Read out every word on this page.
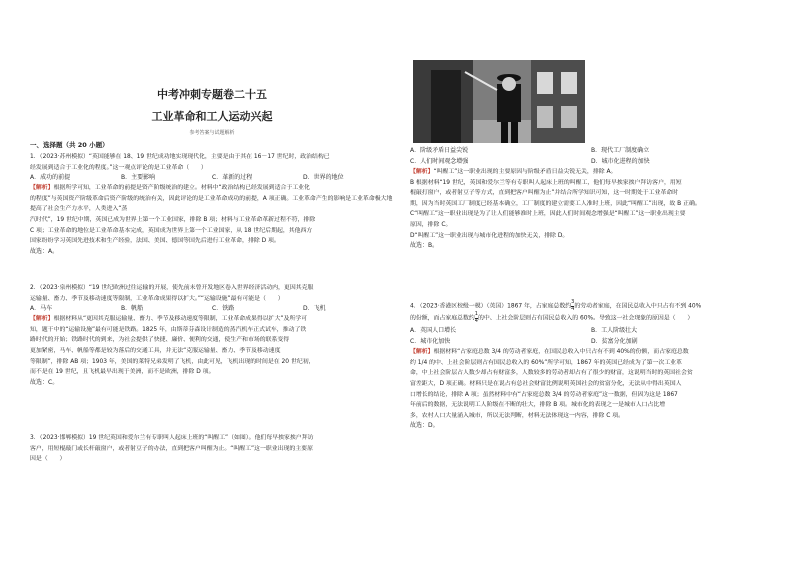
中考冲刺专题卷二十五
工业革命和工人运动兴起
参考答案与试题解析
一、选择题（共 20 小题）
1．（2023·苏州模拟）“英国能够在 18、19 世纪成功地实现现代化，主要是由于其在 16－17 世纪时，政治结构已
经发展到适合于工业化的程度。”这一观点评论的是工业革命（　　）
A．成功的前提	B．主要影响	C．革新的过程	D．世界的地位
【解析】根据所学可知，工业革命的前提是资产阶级统治的建立。材料中“政治结构已经发展到适合于工业化
的程度”与英国资产阶级革命后资产阶级的统治有关，因此评论的是工业革命成功的前提，A 项正确。工业革命产生的影响是工业革命极大地提高了社会生产力水平，人类进入“蒸
汽时代”，19 世纪中期，英国已成为世界上第一个工业国家，排除 B 项；材料与工业革命革新过程不符，排除
C 项；工业革命的地位是工业革命基本完成，英国成为世界上第一个工业国家，从 18 世纪后期起，其他西方
国家纷纷学习英国先进技术和生产经验，法国、美国、德国等国先后进行工业革命，排除 D 项。
故选：A。
2．（2023·泉州模拟）“19 世纪欧洲过往运输的开展，使先前未曾开发地区卷入世界经济活动内，更因其克服
运输量、畜力、季节及移动速度等限制，工业革命成果得以扩大。”“运输设施”最有可能是（　　）
A．马车	B．帆船	C．铁路	D．飞机
【解析】根据材料从“更因其克服运输量、畜力、季节及移动速度等限制，工业革命成果得以扩大”及所学可
知，题干中的“运输设施”最有可能是铁路。1825 年，由斯蒂芬森设计制造的蒸汽机车正式试车，推动了铁
路时代的开始；铁路时代的到来，为社会提供了快捷、廉价、便利的交通，使生产和市场的联系变得
更加紧密，马车、帆船等都是较为落后的交通工具，并无法“克服运输量、畜力、季节及移动速度
等限制”，排除 AB 项；1903 年，美国的莱特兄弟发明了飞机，由此可见，飞机出现的时间是在 20 世纪初，
而不是在 19 世纪，且飞机最早出现于美洲，而不是欧洲，排除 D 项。
故选：C。
3．（2023·邯郸模拟）19 世纪英国和爱尔兰有专职叫人起床上班的“叫醒工”（如图）。他们每早挨家挨户拜访
客户，用短棍敲门或长杆敲窗户，或者射豆子的办法，直到把客户叫醒为止。“叫醒工”这一职业出现的主要原
因是（　　）
A．阶级矛盾日益尖锐	B．现代工厂制度确立
C．人们时间观念增强	D．城市化进程的加快
【解析】“叫醒工”这一职业出现的主要原因与阶级矛盾日益尖锐无关，排除 A。
B 根据材料“19 世纪，英国和爱尔兰等有专职叫人起床上班的叫醒工，他们每早挨家挨户拜访客户，用短
棍敲打窗户，或者射豆子等方式，直到把客户叫醒为止”并结合所学知识可知，这一时期处于工业革命时
期，因为当时英国工厂制度已经基本确立，工厂制度的建立需要工人准时上班，因此“叫醒工”出现，故 B 正确。
C“叫醒工”这一职业出现是为了让人们能够准时上班，因此人们时间观念增强是“叫醒工”这一职业出现主要
原因，排除 C。
D“叫醒工”这一职业出现与城市化进程的加快无关，排除 D。
故选：B。
4．（2023·香港区校级一模）（英国）1867 年，占家庭总数约 $\frac{3}{4}$ 的劳动者家庭，在国民总收入中只占有不到 40%
的份额，而占家庭总数约 $\frac{1}{4}$ 的中、上社会阶层则占有国民总收入的 60%。导致这一社会现象的原因是（　　）
A．英国人口增长	B．工人阶级壮大
C．城市化加快	D．贫富分化加剧
【解析】根据材料“占家庭总数 3/4 的劳动者家庭，在国民总收入中只占有不到 40%的份额，而占家庭总数
约 1/4 的中、上社会阶层则占有国民总收入的 60%”所学可知，1867 年的英国已经成为了第一次工业革
命，中上社会阶层占人数少却占有财富多，人数较多的劳动者却占有了很少的财富，这说明当时的英国社会贫
富差距大，D 项正确。材料只是在说占有总社会财富比例说明英国社会的贫富分化，无法从中得出英国人
口增长的结论，排除 A 项；虽然材料中有“占家庭总数 3/4 的劳动者家庭”这一数据，但因为这是 1867
年前后的数据，无法说明工人阶级在不断的壮大，排除 B 项。城市化的表现之一是城市人口占比增
多，农村人口大量涌入城市，所以无法判断，材料无法体现这一内容，排除 C 项。
故选：D。
